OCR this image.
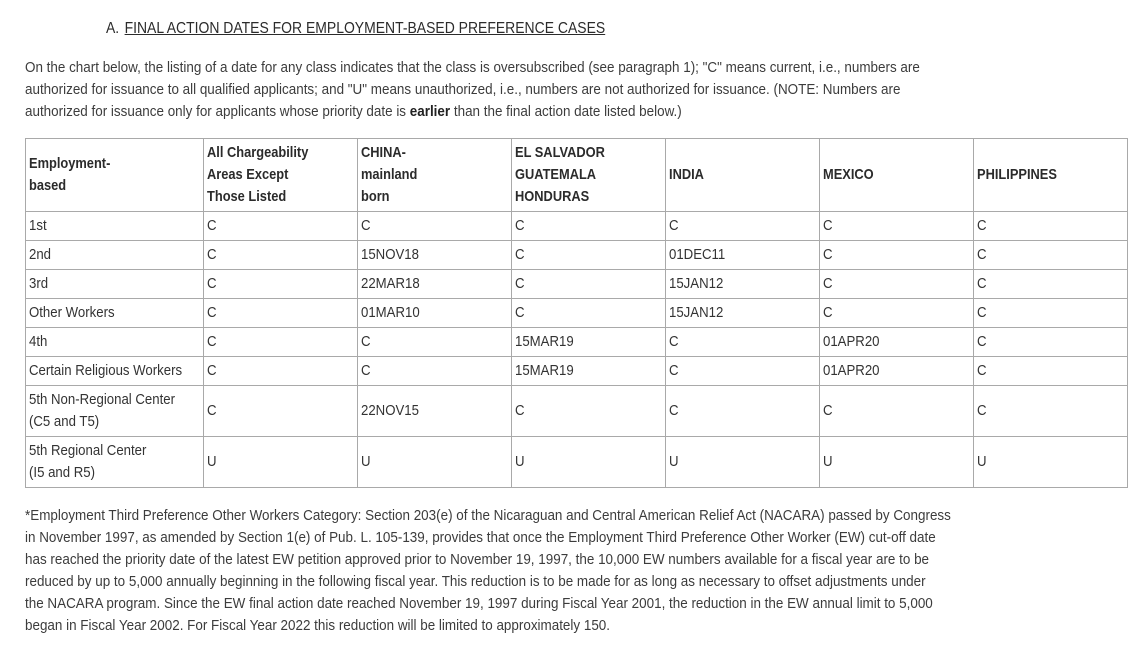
A. FINAL ACTION DATES FOR EMPLOYMENT-BASED PREFERENCE CASES
On the chart below, the listing of a date for any class indicates that the class is oversubscribed (see paragraph 1); "C" means current, i.e., numbers are
authorized for issuance to all qualified applicants; and "U" means unauthorized, i.e., numbers are not authorized for issuance. (NOTE: Numbers are
authorized for issuance only for applicants whose priority date is earlier than the final action date listed below.)
Employment-
based	All Chargeability
Areas Except
Those Listed	CHINA-
mainland
born	EL SALVADOR
GUATEMALA
HONDURAS	INDIA	MEXICO	PHILIPPINES
1st	C	C	C	C	C	C
2nd	C	15NOV18	C	01DEC11	C	C
3rd	C	22MAR18	C	15JAN12	C	C
Other Workers	C	01MAR10	C	15JAN12	C	C
4th	C	C	15MAR19	C	01APR20	C
Certain Religious Workers	C	C	15MAR19	C	01APR20	C
5th Non-Regional Center
(C5 and T5)	C	22NOV15	C	C	C	C
5th Regional Center
(I5 and R5)	U	U	U	U	U	U
*Employment Third Preference Other Workers Category: Section 203(e) of the Nicaraguan and Central American Relief Act (NACARA) passed by Congress
in November 1997, as amended by Section 1(e) of Pub. L. 105-139, provides that once the Employment Third Preference Other Worker (EW) cut-off date
has reached the priority date of the latest EW petition approved prior to November 19, 1997, the 10,000 EW numbers available for a fiscal year are to be
reduced by up to 5,000 annually beginning in the following fiscal year. This reduction is to be made for as long as necessary to offset adjustments under
the NACARA program. Since the EW final action date reached November 19, 1997 during Fiscal Year 2001, the reduction in the EW annual limit to 5,000
began in Fiscal Year 2002. For Fiscal Year 2022 this reduction will be limited to approximately 150.
